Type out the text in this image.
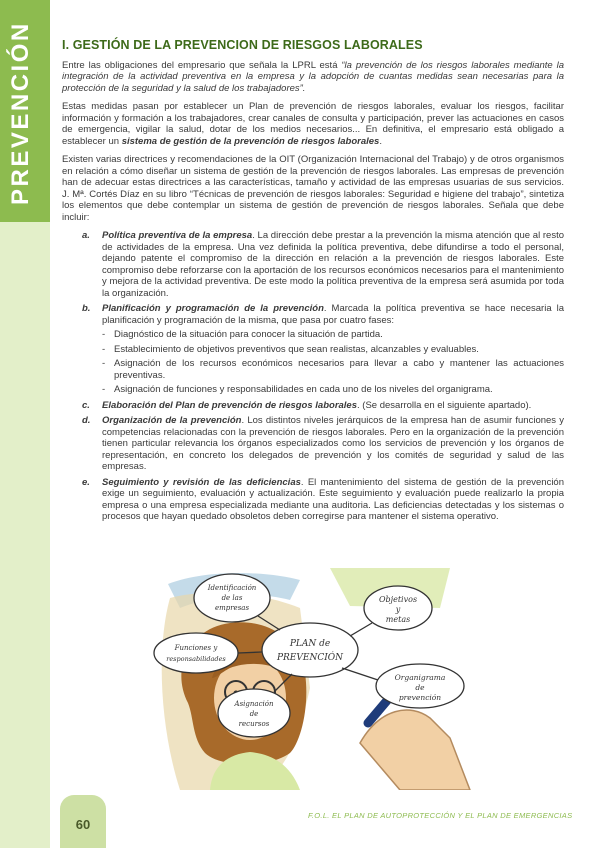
PREVENCIÓN I. GESTIÓN DE LA PREVENCION DE RIESGOS LABORALES

Entre las obligaciones del empresario que señala la LPRL está “la prevención de los riesgos laborales mediante la integración de la actividad preventiva en la empresa y la adopción de cuantas medidas sean necesarias para la protección de la seguridad y la salud de los trabajadores”.

Estas medidas pasan por establecer un Plan de prevención de riesgos laborales, evaluar los riesgos, facilitar información y formación a los trabajadores, crear canales de consulta y participación, prever las actuaciones en casos de emergencia, vigilar la salud, dotar de los medios necesarios... En definitiva, el empresario está obligado a establecer un sistema de gestión de la prevención de riesgos laborales.

Existen varias directrices y recomendaciones de la OIT (Organización Internacional del Trabajo) y de otros organismos en relación a cómo diseñar un sistema de gestión de la prevención de riesgos laborales. Las empresas de prevención han de adecuar estas directrices a las características, tamaño y actividad de las empresas usuarias de sus servicios. J. Mª. Cortés Díaz en su libro “Técnicas de prevención de riesgos laborales: Seguridad e higiene del trabajo”, sintetiza los elementos que debe contemplar un sistema de gestión de prevención de riesgos laborales. Señala que debe incluir:

a. Política preventiva de la empresa. La dirección debe prestar a la prevención la misma atención que al resto de actividades de la empresa. Una vez definida la política preventiva, debe difundirse a todo el personal, dejando patente el compromiso de la dirección en relación a la prevención de riesgos laborales. Este compromiso debe reforzarse con la aportación de los recursos económicos necesarios para el mantenimiento y mejora de la actividad preventiva. De este modo la política preventiva de la empresa será asumida por toda la organización.
b. Planificación y programación de la prevención. Marcada la política preventiva se hace necesaria la planificación y programación de la misma, que pasa por cuatro fases:
- Diagnóstico de la situación para conocer la situación de partida.
- Establecimiento de objetivos preventivos que sean realistas, alcanzables y evaluables.
- Asignación de los recursos económicos necesarios para llevar a cabo y mantener las actuaciones preventivas.
- Asignación de funciones y responsabilidades en cada uno de los niveles del organigrama.
c. Elaboración del Plan de prevención de riesgos laborales. (Se desarrolla en el siguiente apartado).
d. Organización de la prevención. Los distintos niveles jerárquicos de la empresa han de asumir funciones y competencias relacionadas con la prevención de riesgos laborales. Pero en la organización de la prevención tienen particular relevancia los órganos especializados como los servicios de prevención y los órganos de representación, en concreto los delegados de prevención y los comités de seguridad y salud de las empresas.
e. Seguimiento y revisión de las deficiencias. El mantenimiento del sistema de gestión de la prevención exige un seguimiento, evaluación y actualización. Este seguimiento y evaluación puede realizarlo la propia empresa o una empresa especializada mediante una auditoria. Las deficiencias detectadas y los sistemas o procesos que hayan quedado obsoletos deben corregirse para mantener el sistema operativo.
PLAN de
PREVENCIÓN
Identificación
de las
empresas
Objetivos
y
metas
Funciones y
responsabilidades
Asignación
de
recursos
Organigrama
de
prevención
60
F.O.L. EL PLAN DE AUTOPROTECCIÓN Y EL PLAN DE EMERGENCIAS
